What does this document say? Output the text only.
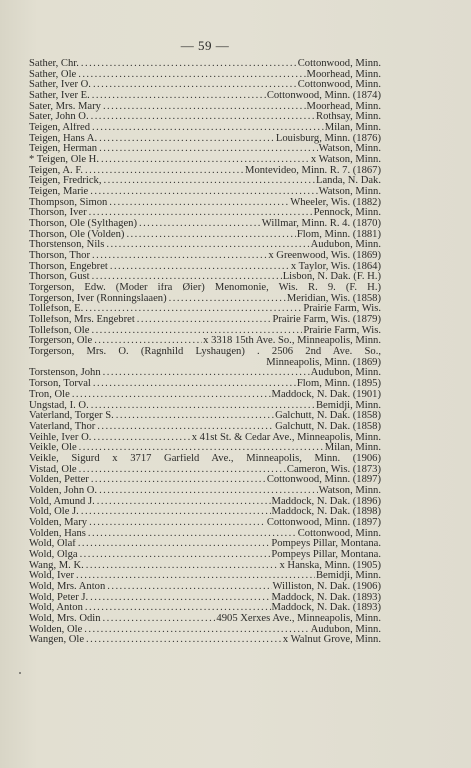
— 59 —
Sather, Chr. . . .	Cottonwood, Minn.
Sather, Ole . . .	Moorhead, Minn.
Sather, Iver O. . . .	Cottonwood, Minn.
Sather, Iver E. . . .	Cottonwood, Minn. (1874)
Sater, Mrs. Mary . . .	Moorhead, Minn.
Sater, John O. . . .	Rothsay, Minn.
Teigen, Alfred . . .	Milan, Minn.
Teigen, Hans A. . . .	Louisburg, Minn. (1876)
Teigen, Herman . . .	Watson, Minn.
* Teigen, Ole H. . . .	x Watson, Minn.
Teigen, A. F. . . .	Montevideo, Minn. R. 7. (1867)
Teigen, Fredrick, . . .	Landa, N. Dak.
Teigen, Marie . . .	Watson, Minn.
Thompson, Simon . . .	Wheeler, Wis. (1882)
Thorson, Iver . . .	Pennock, Minn.
Thorson, Ole (Sylthagen) . . .	Willmar, Minn. R. 4. (1870)
Thorson, Ole (Volden) . . .	Flom, Minn. (1881)
Thorstenson, Nils . . .	Audubon, Minn.
Thorson, Thor . . .	x Greenwood, Wis. (1869)
Thorson, Engebret . . .	x Taylor, Wis. (1864)
Thorson, Gust . . .	Lisbon, N. Dak. (F. H.)
Torgerson, Edw. (Moder ifra Øier) Menomonie, Wis. R. 9. (F. H.)
Torgerson, Iver (Ronningslaaen) . . .	Meridian, Wis. (1858)
Tollefson, E. . . .	Prairie Farm, Wis.
Tollefson, Mrs. Engebret . . .	Prairie Farm, Wis. (1879)
Tollefson, Ole . . .	Prairie Farm, Wis.
Torgerson, Ole . . .	x 3318 15th Ave. So., Minneapolis, Minn.
Torgerson, Mrs. O. (Ragnhild Lyshaugen) . 2506 2nd Ave. So.,
Minneapolis, Minn. (1869)
Torstenson, John . . .	Audubon, Minn.
Torson, Torval . . .	Flom, Minn. (1895)
Tron, Ole . . .	Maddock, N. Dak. (1901)
Ungstad, I. O. . . .	Bemidji, Minn.
Vaterland, Torger S. . . .	Galchutt, N. Dak. (1858)
Vaterland, Thor . . .	Galchutt, N. Dak. (1858)
Veihle, Iver O. . . .	x 41st St. & Cedar Ave., Minneapolis, Minn.
Veikle, Ole . . .	Milan, Minn.
Veikle, Sigurd x 3717 Garfield Ave., Minneapolis, Minn. (1906)
Vistad, Ole . . .	Cameron, Wis. (1873)
Volden, Petter . . .	Cottonwood, Minn. (1897)
Volden, John O. . . .	Watson, Minn.
Vold, Amund J. . . .	Maddock, N. Dak. (1896)
Vold, Ole J. . . .	Maddock, N. Dak. (1898)
Volden, Mary . . .	Cottonwood, Minn. (1897)
Volden, Hans . . .	Cottonwood, Minn.
Wold, Olaf . . .	Pompeys Pillar, Montana.
Wold, Olga . . .	Pompeys Pillar, Montana.
Wang, M. K. . . .	x Hanska, Minn. (1905)
Wold, Iver . . .	Bemidji, Minn.
Wold, Mrs. Anton . . .	Williston, N. Dak. (1906)
Wold, Peter J. . . .	Maddock, N. Dak. (1893)
Wold, Anton . . .	Maddock, N. Dak. (1893)
Wold, Mrs. Odin . . .	4905 Xerxes Ave., Minneapolis, Minn.
Wolden, Ole . . .	Audubon, Minn.
Wangen, Ole . . .	x Walnut Grove, Minn.
